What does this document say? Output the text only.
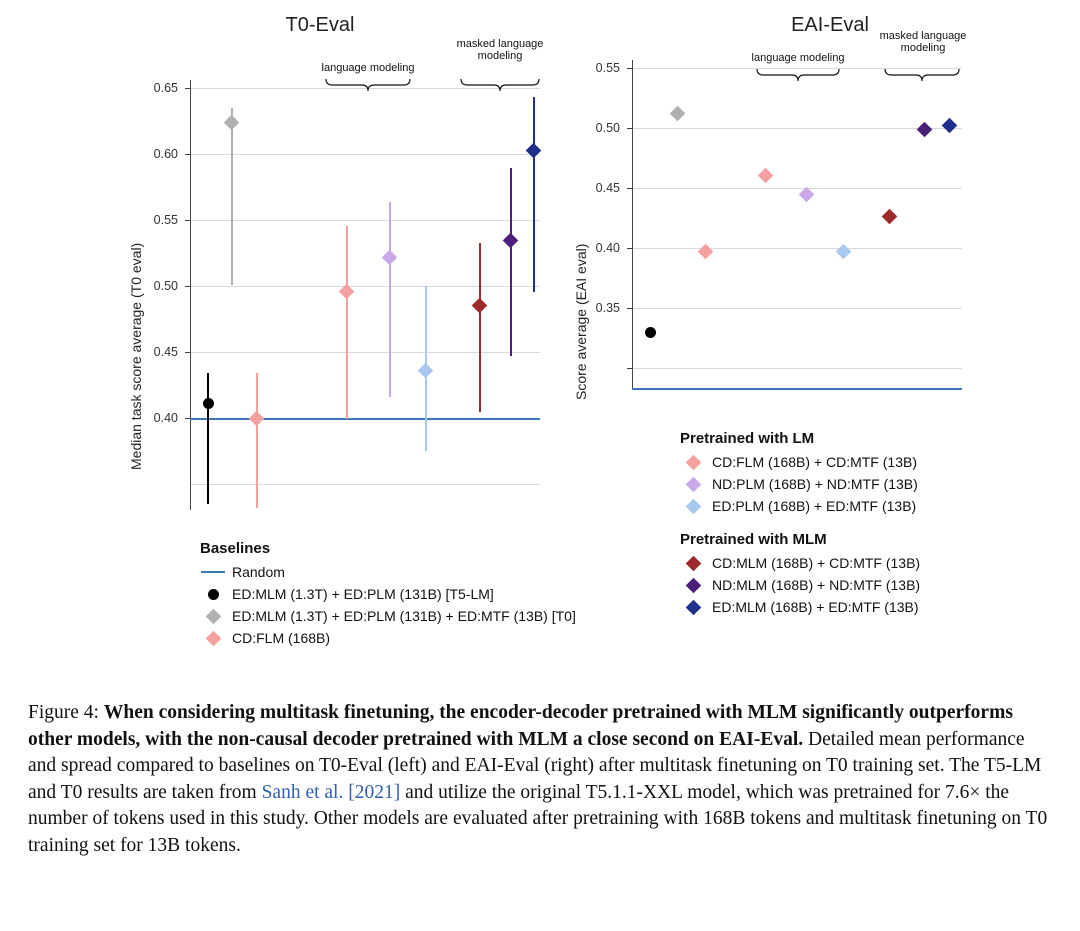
T0-Eval
Median task score average (T0 eval)
0.65
0.60
0.55
0.50
0.45
0.40
language modeling
masked language modeling
EAI-Eval
Score average (EAI eval)
0.55
0.50
0.45
0.40
0.35
language modeling
masked language modeling
Baselines
Random
ED:MLM (1.3T) + ED:PLM (131B) [T5-LM]
ED:MLM (1.3T) + ED:PLM (131B) + ED:MTF (13B) [T0]
CD:FLM (168B)
Pretrained with LM
CD:FLM (168B) + CD:MTF (13B)
ND:PLM (168B) + ND:MTF (13B)
ED:PLM (168B) + ED:MTF (13B)
Pretrained with MLM
CD:MLM (168B) + CD:MTF (13B)
ND:MLM (168B) + ND:MTF (13B)
ED:MLM (168B) + ED:MTF (13B)
Figure 4: When considering multitask finetuning, the encoder-decoder pretrained with MLM significantly outperforms other models, with the non-causal decoder pretrained with MLM a close second on EAI-Eval. Detailed mean performance and spread compared to baselines on T0-Eval (left) and EAI-Eval (right) after multitask finetuning on T0 training set. The T5-LM and T0 results are taken from Sanh et al. [2021] and utilize the original T5.1.1-XXL model, which was pretrained for 7.6× the number of tokens used in this study. Other models are evaluated after pretraining with 168B tokens and multitask finetuning on T0 training set for 13B tokens.
